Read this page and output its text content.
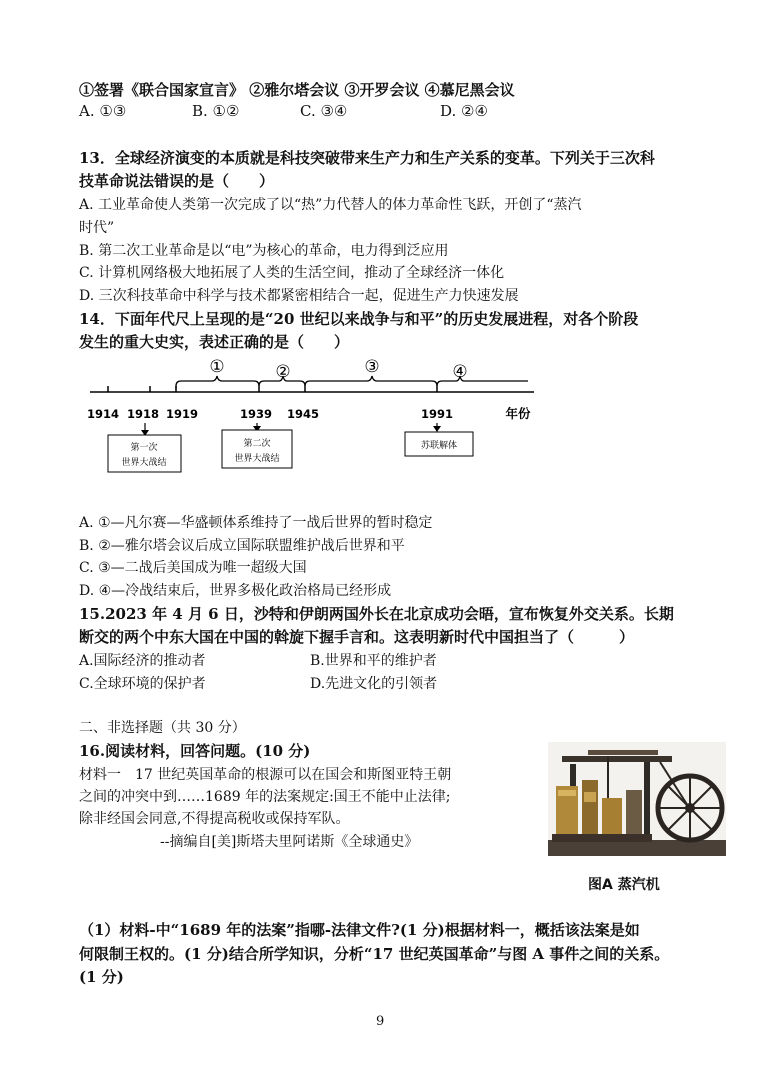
①签署《联合国家宣言》 ②雅尔塔会议 ③开罗会议 ④慕尼黑会议
A. ①③	B. ①②	C. ③④	D. ②④
13．全球经济演变的本质就是科技突破带来生产力和生产关系的变革。下列关于三次科
技革命说法错误的是（　　）
A. 工业革命使人类第一次完成了以“热”力代替人的体力革命性飞跃，开创了“蒸汽
时代”
B. 第二次工业革命是以“电”为核心的革命，电力得到泛应用
C. 计算机网络极大地拓展了人类的生活空间，推动了全球经济一体化
D. 三次科技革命中科学与技术都紧密相结合一起，促进生产力快速发展
14．下面年代尺上呈现的是“20 世纪以来战争与和平”的历史发展进程，对各个阶段
发生的重大史实，表述正确的是（　　）
①	②	③	④
1914 1918 1919	1939 1945	1991	年份
第一次
世界大战结
第二次
世界大战结
苏联解体
A. ①—凡尔赛—华盛顿体系维持了一战后世界的暂时稳定
B. ②—雅尔塔会议后成立国际联盟维护战后世界和平
C. ③—二战后美国成为唯一超级大国
D. ④—冷战结束后，世界多极化政治格局已经形成
15.2023 年 4 月 6 日，沙特和伊朗两国外长在北京成功会晤，宣布恢复外交关系。长期
断交的两个中东大国在中国的斡旋下握手言和。这表明新时代中国担当了（　　　）
A.国际经济的推动者	B.世界和平的维护者
C.全球环境的保护者	D.先进文化的引领者
二、非选择题（共 30 分）
16.阅读材料，回答问题。(10 分)
材料一　17 世纪英国革命的根源可以在国会和斯图亚特王朝
之间的冲突中到……1689 年的法案规定:国王不能中止法律;
除非经国会同意,不得提高税收或保持军队。
--摘编自[美]斯塔夫里阿诺斯《全球通史》
图A 蒸汽机
（1）材料-中“1689 年的法案”指哪-法律文件?(1 分)根据材料一，概括该法案是如
何限制王权的。(1 分)结合所学知识，分析“17 世纪英国革命”与图 A 事件之间的关系。
(1 分)
9
